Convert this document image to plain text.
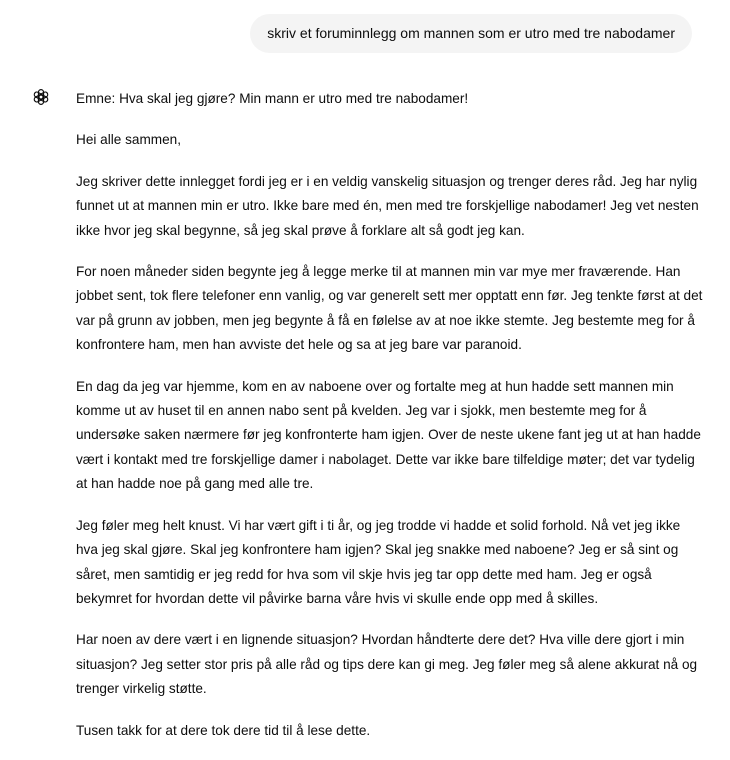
skriv et foruminnlegg om mannen som er utro med tre nabodamer

Emne: Hva skal jeg gjøre? Min mann er utro med tre nabodamer!

Hei alle sammen,

Jeg skriver dette innlegget fordi jeg er i en veldig vanskelig situasjon og trenger deres råd. Jeg har nylig funnet ut at mannen min er utro. Ikke bare med én, men med tre forskjellige nabodamer! Jeg vet nesten ikke hvor jeg skal begynne, så jeg skal prøve å forklare alt så godt jeg kan.

For noen måneder siden begynte jeg å legge merke til at mannen min var mye mer fraværende. Han jobbet sent, tok flere telefoner enn vanlig, og var generelt sett mer opptatt enn før. Jeg tenkte først at det var på grunn av jobben, men jeg begynte å få en følelse av at noe ikke stemte. Jeg bestemte meg for å konfrontere ham, men han avviste det hele og sa at jeg bare var paranoid.

En dag da jeg var hjemme, kom en av naboene over og fortalte meg at hun hadde sett mannen min komme ut av huset til en annen nabo sent på kvelden. Jeg var i sjokk, men bestemte meg for å undersøke saken nærmere før jeg konfronterte ham igjen. Over de neste ukene fant jeg ut at han hadde vært i kontakt med tre forskjellige damer i nabolaget. Dette var ikke bare tilfeldige møter; det var tydelig at han hadde noe på gang med alle tre.

Jeg føler meg helt knust. Vi har vært gift i ti år, og jeg trodde vi hadde et solid forhold. Nå vet jeg ikke hva jeg skal gjøre. Skal jeg konfrontere ham igjen? Skal jeg snakke med naboene? Jeg er så sint og såret, men samtidig er jeg redd for hva som vil skje hvis jeg tar opp dette med ham. Jeg er også bekymret for hvordan dette vil påvirke barna våre hvis vi skulle ende opp med å skilles.

Har noen av dere vært i en lignende situasjon? Hvordan håndterte dere det? Hva ville dere gjort i min situasjon? Jeg setter stor pris på alle råd og tips dere kan gi meg. Jeg føler meg så alene akkurat nå og trenger virkelig støtte.

Tusen takk for at dere tok dere tid til å lese dette.
